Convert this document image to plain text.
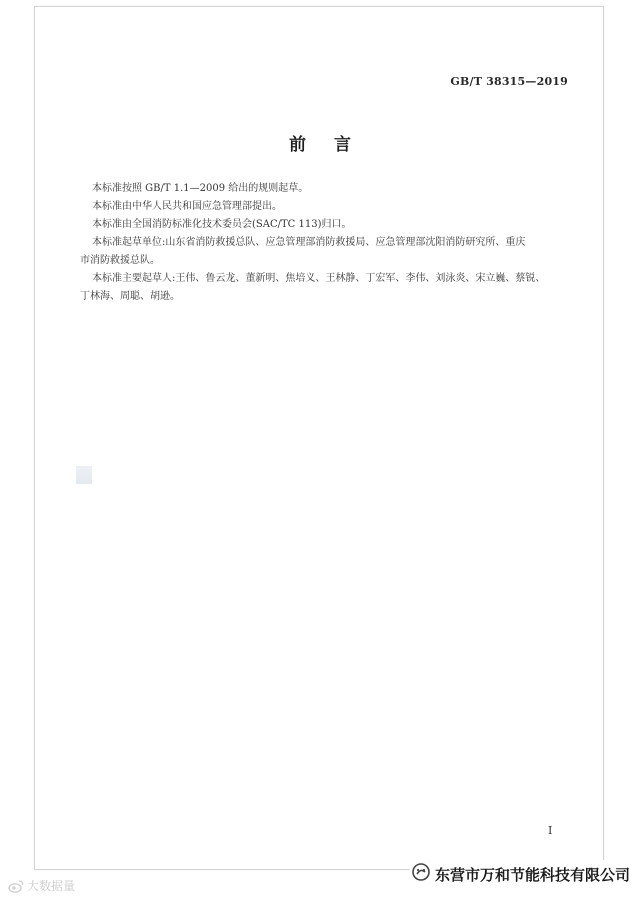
GB/T 38315—2019
前 言

本标准按照 GB/T 1.1—2009 给出的规则起草。

本标准由中华人民共和国应急管理部提出。

本标准由全国消防标准化技术委员会(SAC/TC 113)归口。

本标准起草单位:山东省消防救援总队、应急管理部消防救援局、应急管理部沈阳消防研究所、重庆

市消防救援总队。

本标准主要起草人:王伟、鲁云龙、董新明、焦培义、王林静、丁宏军、李伟、刘泳炎、宋立巍、蔡锐、

丁林海、周聪、胡逊。

I
大数据量
东营市万和节能科技有限公司
